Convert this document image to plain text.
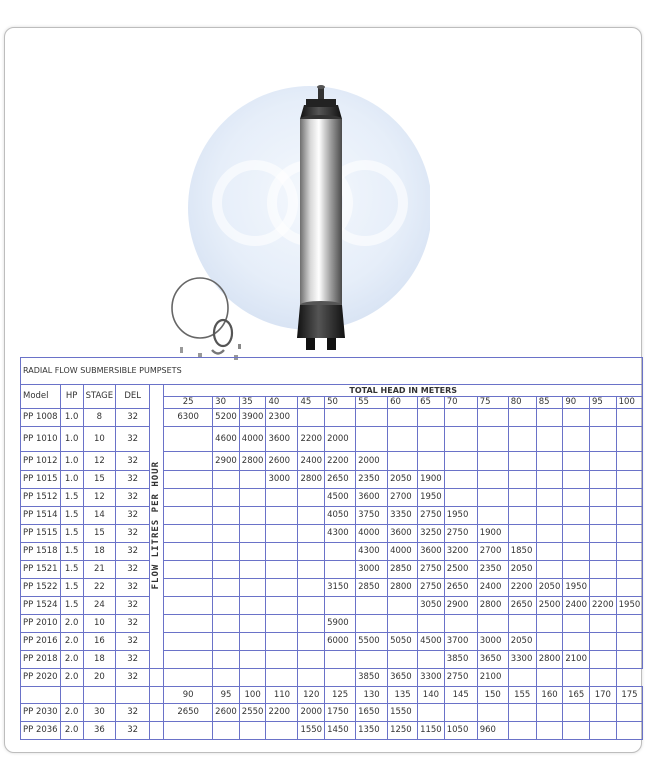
RADIAL FLOW SUBMERSIBLE PUMPSETS																				
Model	HP	STAGE	DEL	FLOW LITRES PER HOUR	TOTAL HEAD IN METERS															
					25	30	35	40	45	50	55	60	65	70	75	80	85	90	95	100
PP 1008	1.0	8	32		6300	5200	3900	2300												
PP 1010	1.0	10	32			4600	4000	3600	2200	2000										
PP 1012	1.0	12	32			2900	2800	2600	2400	2200	2000									
PP 1015	1.0	15	32					3000	2800	2650	2350	2050	1900							
PP 1512	1.5	12	32							4500	3600	2700	1950							
PP 1514	1.5	14	32							4050	3750	3350	2750	1950						
PP 1515	1.5	15	32							4300	4000	3600	3250	2750	1900					
PP 1518	1.5	18	32								4300	4000	3600	3200	2700	1850				
PP 1521	1.5	21	32								3000	2850	2750	2500	2350	2050				
PP 1522	1.5	22	32							3150	2850	2800	2750	2650	2400	2200	2050	1950		
PP 1524	1.5	24	32										3050	2900	2800	2650	2500	2400	2200	1950
PP 2010	2.0	10	32							5900										
PP 2016	2.0	16	32							6000	5500	5050	4500	3700	3000	2050				
PP 2018	2.0	18	32											3850	3650	3300	2800	2100		
PP 2020	2.0	20	32								3850	3650	3300	2750	2100					
					90	95	100	110	120	125	130	135	140	145	150	155	160	165	170	175
PP 2030	2.0	30	32		2650	2600	2550	2200	2000	1750	1650	1550								
PP 2036	2.0	36	32						1550	1450	1350	1250	1150	1050	960					
